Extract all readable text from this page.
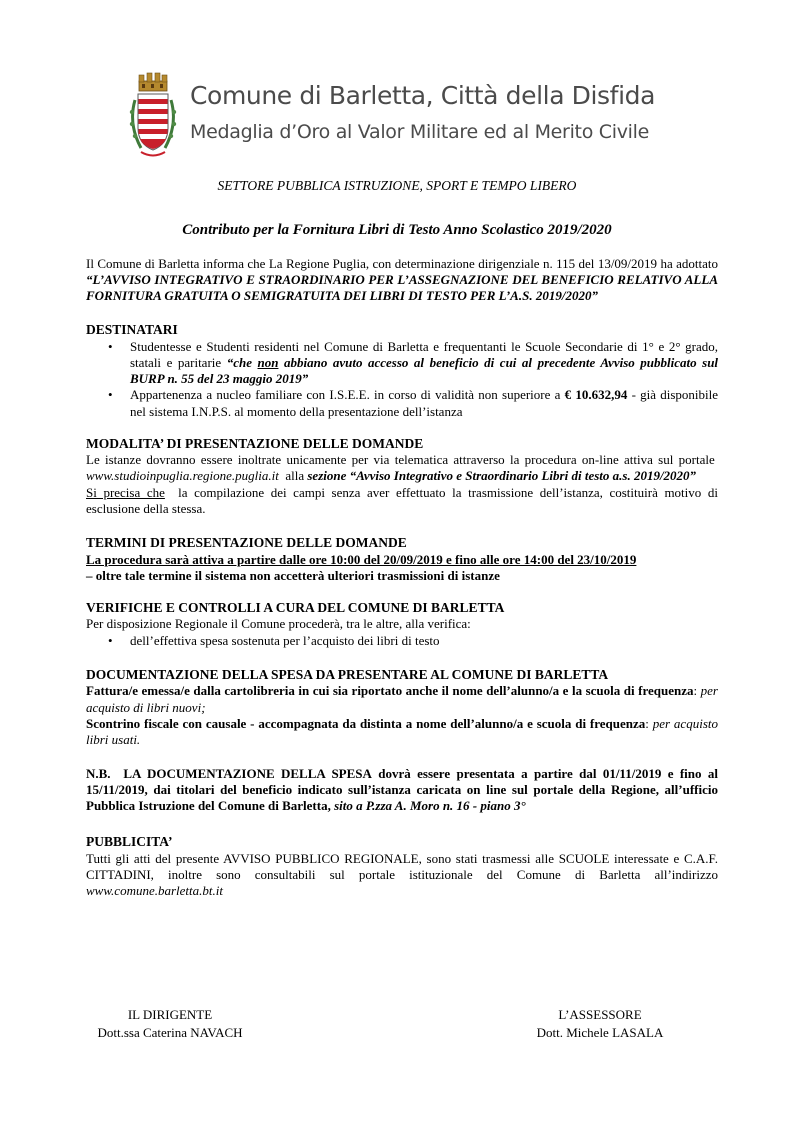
Comune di Barletta, Città della Disfida
Medaglia d’Oro al Valor Militare ed al Merito Civile
SETTORE PUBBLICA ISTRUZIONE, SPORT E TEMPO LIBERO
Contributo per la Fornitura Libri di Testo Anno Scolastico 2019/2020

Il Comune di Barletta informa che La Regione Puglia, con determinazione dirigenziale n. 115 del 13/09/2019 ha adottato “L’AVVISO INTEGRATIVO E STRAORDINARIO PER L’ASSEGNAZIONE DEL BENEFICIO RELATIVO ALLA FORNITURA GRATUITA O SEMIGRATUITA DEI LIBRI DI TESTO PER L’A.S. 2019/2020”

DESTINATARI
• Studentesse e Studenti residenti nel Comune di Barletta e frequentanti le Scuole Secondarie di 1° e 2° grado, statali e paritarie “che non abbiano avuto accesso al beneficio di cui al precedente Avviso pubblicato sul BURP n. 55 del 23 maggio 2019”
• Appartenenza a nucleo familiare con I.S.E.E. in corso di validità non superiore a € 10.632,94 - già disponibile nel sistema I.N.P.S. al momento della presentazione dell’istanza
MODALITA’ DI PRESENTAZIONE DELLE DOMANDE

Le istanze dovranno essere inoltrate unicamente per via telematica attraverso la procedura on-line attiva sul portale  www.studioinpuglia.regione.puglia.it alla sezione “Avviso Integrativo e Straordinario Libri di testo a.s. 2019/2020”

Si precisa che la compilazione dei campi senza aver effettuato la trasmissione dell’istanza, costituirà motivo di esclusione della stessa.

TERMINI DI PRESENTAZIONE DELLE DOMANDE

La procedura sarà attiva a partire dalle ore 10:00 del 20/09/2019 e fino alle ore 14:00 del 23/10/2019
– oltre tale termine il sistema non accetterà ulteriori trasmissioni di istanze

VERIFICHE E CONTROLLI A CURA DEL COMUNE DI BARLETTA

Per disposizione Regionale il Comune procederà, tra le altre, alla verifica:

• dell’effettiva spesa sostenuta per l’acquisto dei libri di testo
DOCUMENTAZIONE DELLA SPESA DA PRESENTARE AL COMUNE DI BARLETTA

Fattura/e emessa/e dalla cartolibreria in cui sia riportato anche il nome dell’alunno/a e la scuola di frequenza: per acquisto di libri nuovi;

Scontrino fiscale con causale - accompagnata da distinta a nome dell’alunno/a e scuola di frequenza: per acquisto libri usati.

N.B. LA DOCUMENTAZIONE DELLA SPESA dovrà essere presentata a partire dal 01/11/2019 e fino al 15/11/2019, dai titolari del beneficio indicato sull’istanza caricata on line sul portale della Regione, all’ufficio Pubblica Istruzione del Comune di Barletta, sito a P.zza A. Moro n. 16 - piano 3°

PUBBLICITA’

Tutti gli atti del presente AVVISO PUBBLICO REGIONALE, sono stati trasmessi alle SCUOLE interessate e C.A.F. CITTADINI, inoltre sono consultabili sul portale istituzionale del Comune di Barletta all’indirizzo www.comune.barletta.bt.it

IL DIRIGENTE
Dott.ssa Caterina NAVACH
L’ASSESSORE
Dott. Michele LASALA
